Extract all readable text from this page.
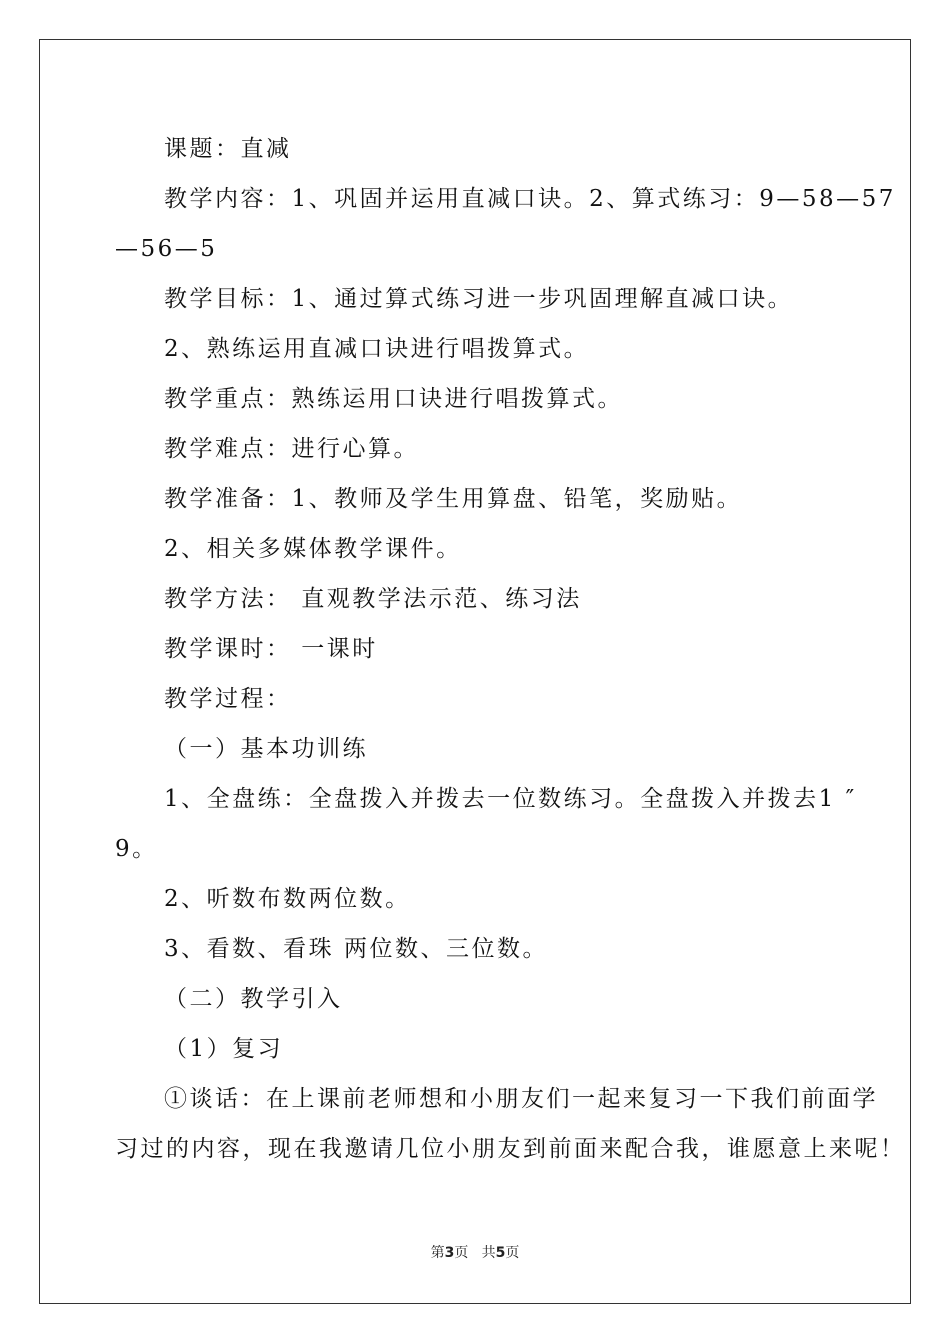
课题：直减
教学内容：1、巩固并运用直减口诀。2、算式练习：9—58—57
—56—5
教学目标：1、通过算式练习进一步巩固理解直减口诀。
2、熟练运用直减口诀进行唱拨算式。
教学重点：熟练运用口诀进行唱拨算式。
教学难点：进行心算。
教学准备：1、教师及学生用算盘、铅笔，奖励贴。
2、相关多媒体教学课件。
教学方法： 直观教学法示范、练习法
教学课时： 一课时
教学过程：
（一）基本功训练
1、全盘练：全盘拨入并拨去一位数练习。全盘拨入并拨去1 ″
9。
2、听数布数两位数。
3、看数、看珠 两位数、三位数。
（二）教学引入
（1）复习
①谈话：在上课前老师想和小朋友们一起来复习一下我们前面学
习过的内容，现在我邀请几位小朋友到前面来配合我，谁愿意上来呢！
第3页 共5页
